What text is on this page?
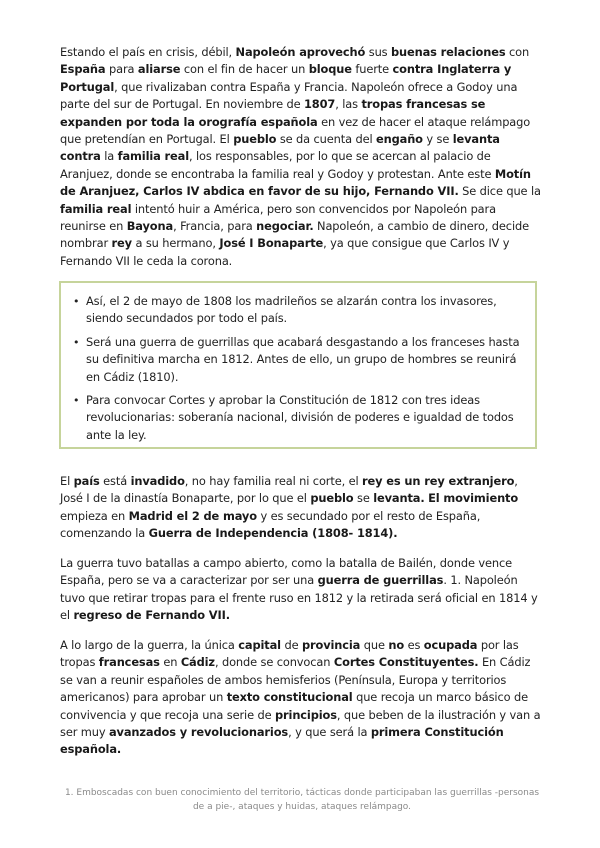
Estando el país en crisis, débil, Napoleón aprovechó sus buenas relaciones con España para aliarse con el fin de hacer un bloque fuerte contra Inglaterra y Portugal, que rivalizaban contra España y Francia. Napoleón ofrece a Godoy una parte del sur de Portugal. En noviembre de 1807, las tropas francesas se expanden por toda la orografía española en vez de hacer el ataque relámpago que pretendían en Portugal. El pueblo se da cuenta del engaño y se levanta contra la familia real, los responsables, por lo que se acercan al palacio de Aranjuez, donde se encontraba la familia real y Godoy y protestan. Ante este Motín de Aranjuez, Carlos IV abdica en favor de su hijo, Fernando VII. Se dice que la familia real intentó huir a América, pero son convencidos por Napoleón para reunirse en Bayona, Francia, para negociar. Napoleón, a cambio de dinero, decide nombrar rey a su hermano, José I Bonaparte, ya que consigue que Carlos IV y Fernando VII le ceda la corona.

• Así, el 2 de mayo de 1808 los madrileños se alzarán contra los invasores, siendo secundados por todo el país.
• Será una guerra de guerrillas que acabará desgastando a los franceses hasta su definitiva marcha en 1812. Antes de ello, un grupo de hombres se reunirá en Cádiz (1810).
• Para convocar Cortes y aprobar la Constitución de 1812 con tres ideas revolucionarias: soberanía nacional, división de poderes e igualdad de todos ante la ley.

El país está invadido, no hay familia real ni corte, el rey es un rey extranjero, José I de la dinastía Bonaparte, por lo que el pueblo se levanta. El movimiento empieza en Madrid el 2 de mayo y es secundado por el resto de España, comenzando la Guerra de Independencia (1808- 1814).

La guerra tuvo batallas a campo abierto, como la batalla de Bailén, donde vence España, pero se va a caracterizar por ser una guerra de guerrillas. 1. Napoleón tuvo que retirar tropas para el frente ruso en 1812 y la retirada será oficial en 1814 y el regreso de Fernando VII.

A lo largo de la guerra, la única capital de provincia que no es ocupada por las tropas francesas en Cádiz, donde se convocan Cortes Constituyentes. En Cádiz se van a reunir españoles de ambos hemisferios (Península, Europa y territorios americanos) para aprobar un texto constitucional que recoja un marco básico de convivencia y que recoja una serie de principios, que beben de la ilustración y van a ser muy avanzados y revolucionarios, y que será la primera Constitución española.

1. Emboscadas con buen conocimiento del territorio, tácticas donde participaban las guerrillas -personas de a pie-, ataques y huidas, ataques relámpago.
